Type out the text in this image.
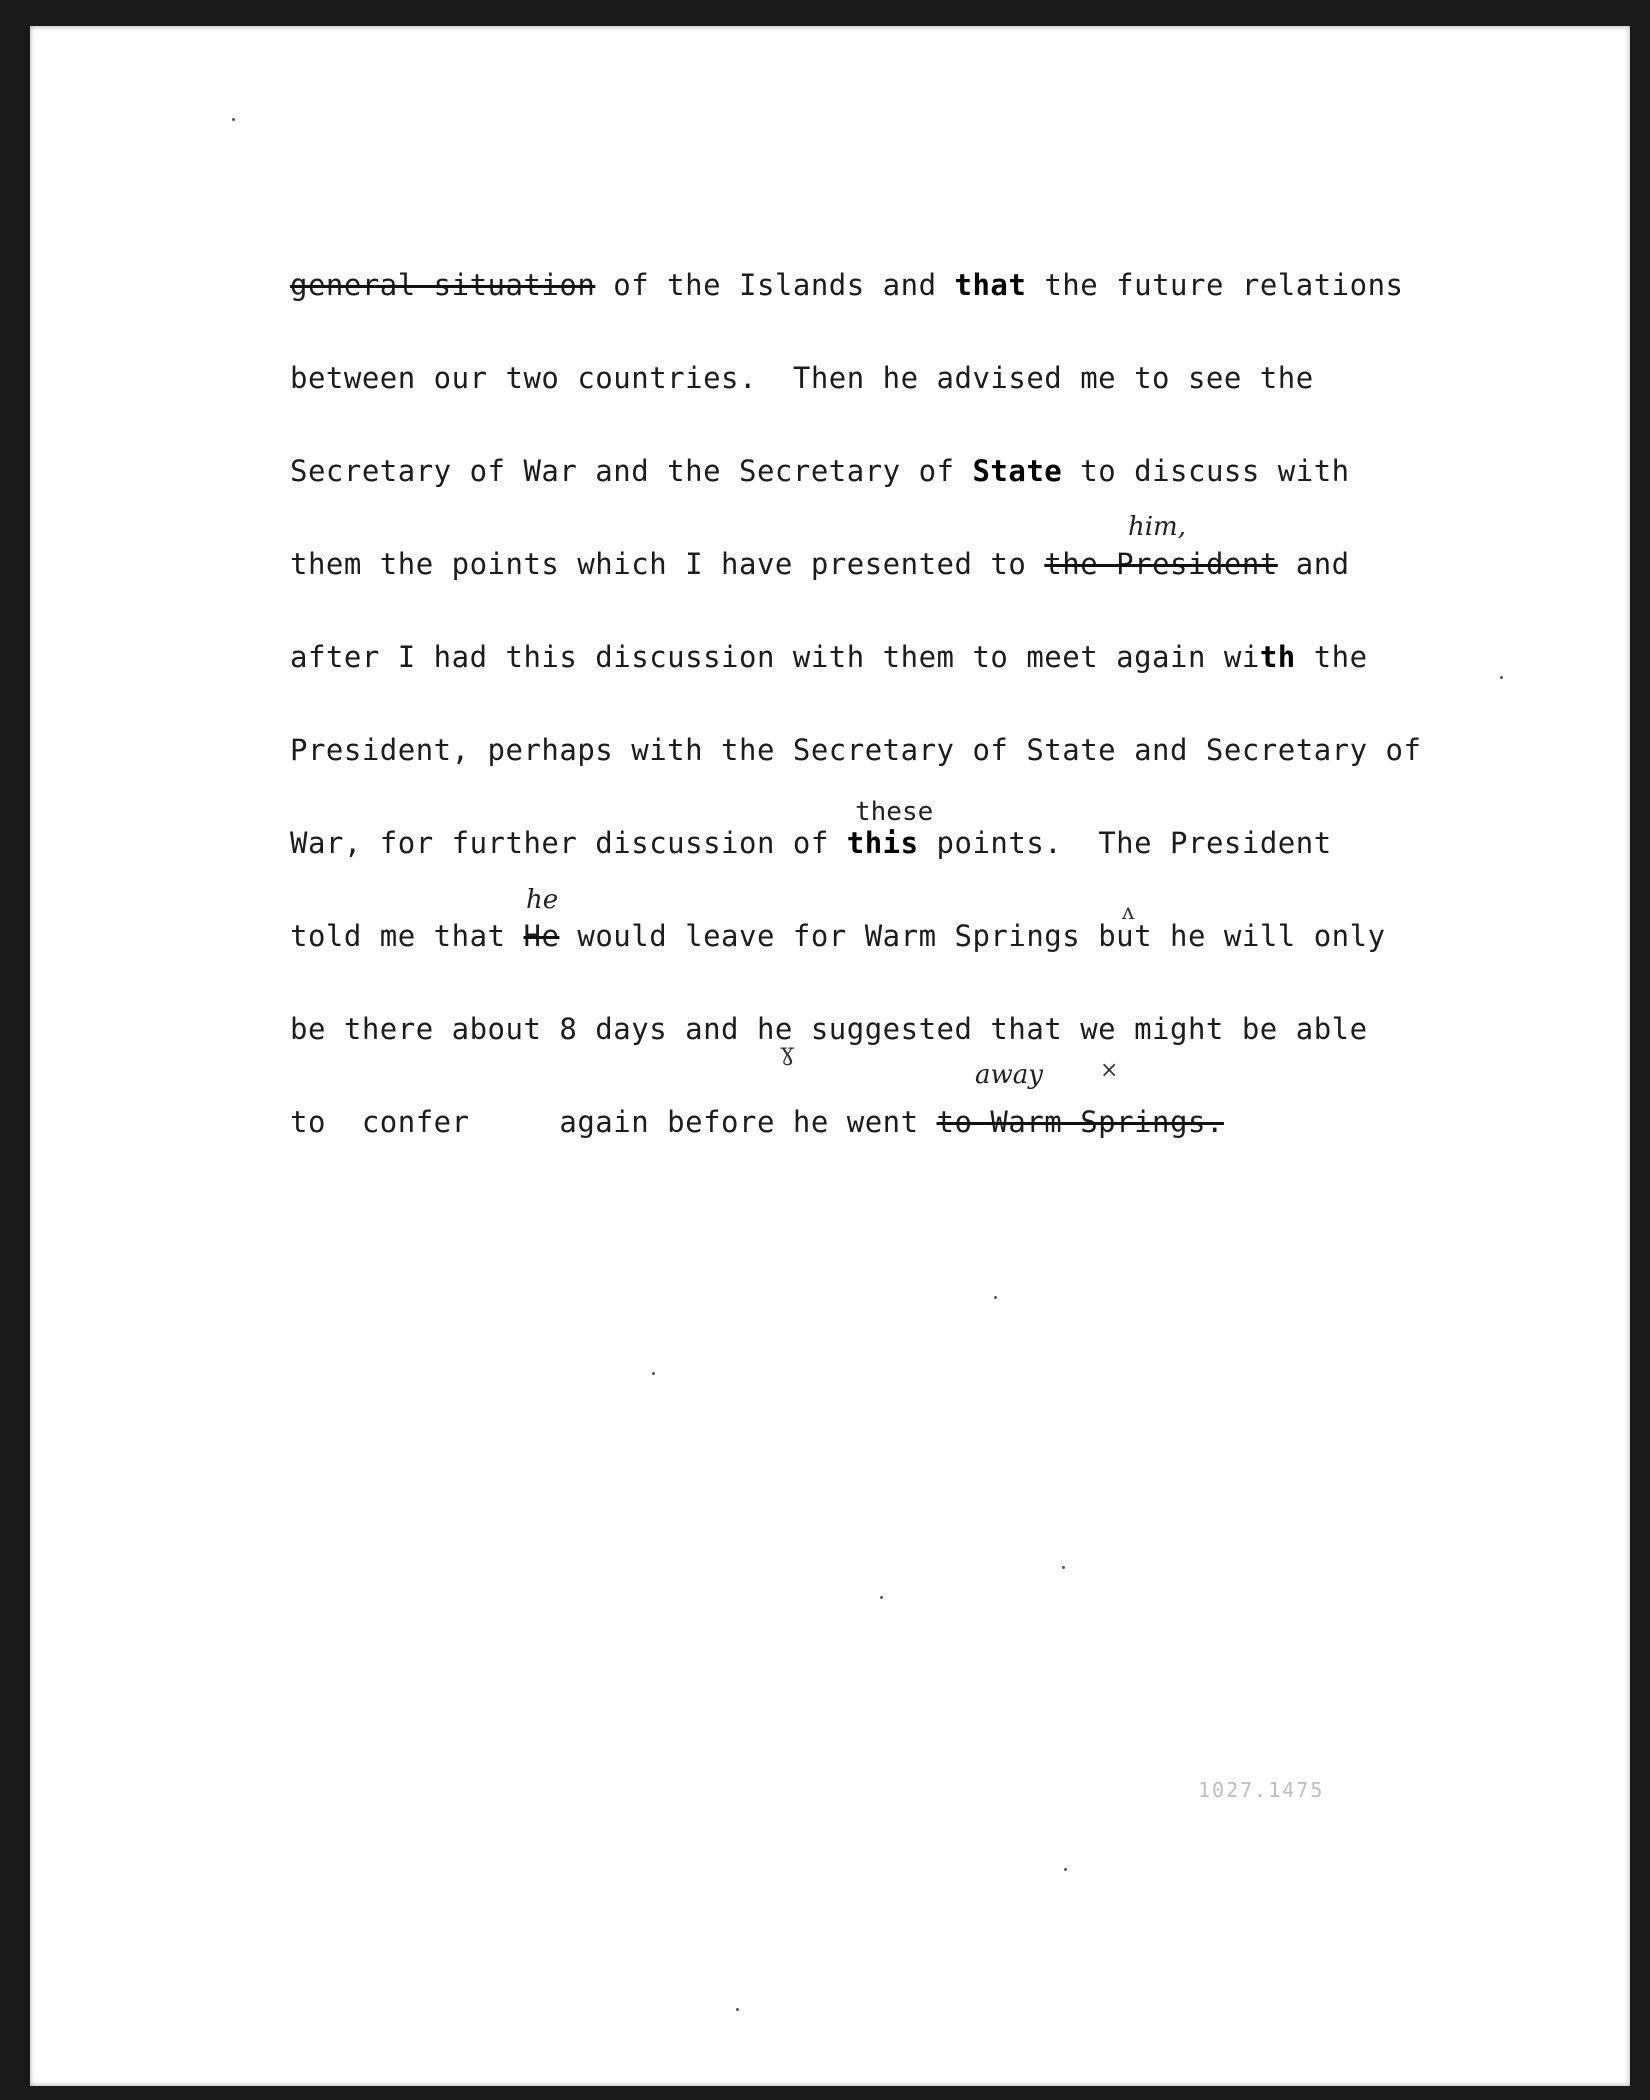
general situation of the Islands and that the future relations
between our two countries.  Then he advised me to see the
Secretary of War and the Secretary of State to discuss with
him,
them the points which I have presented to the President and
after I had this discussion with them to meet again with the
President, perhaps with the Secretary of State and Secretary of
these
War, for further discussion of this points.  The President
he	ʌ
told me that He would leave for Warm Springs but he will only
be there about 8 days and he suggested that we might be able
ɣ
away	×
to  confer     again before he went to Warm Springs.
1027.1475
